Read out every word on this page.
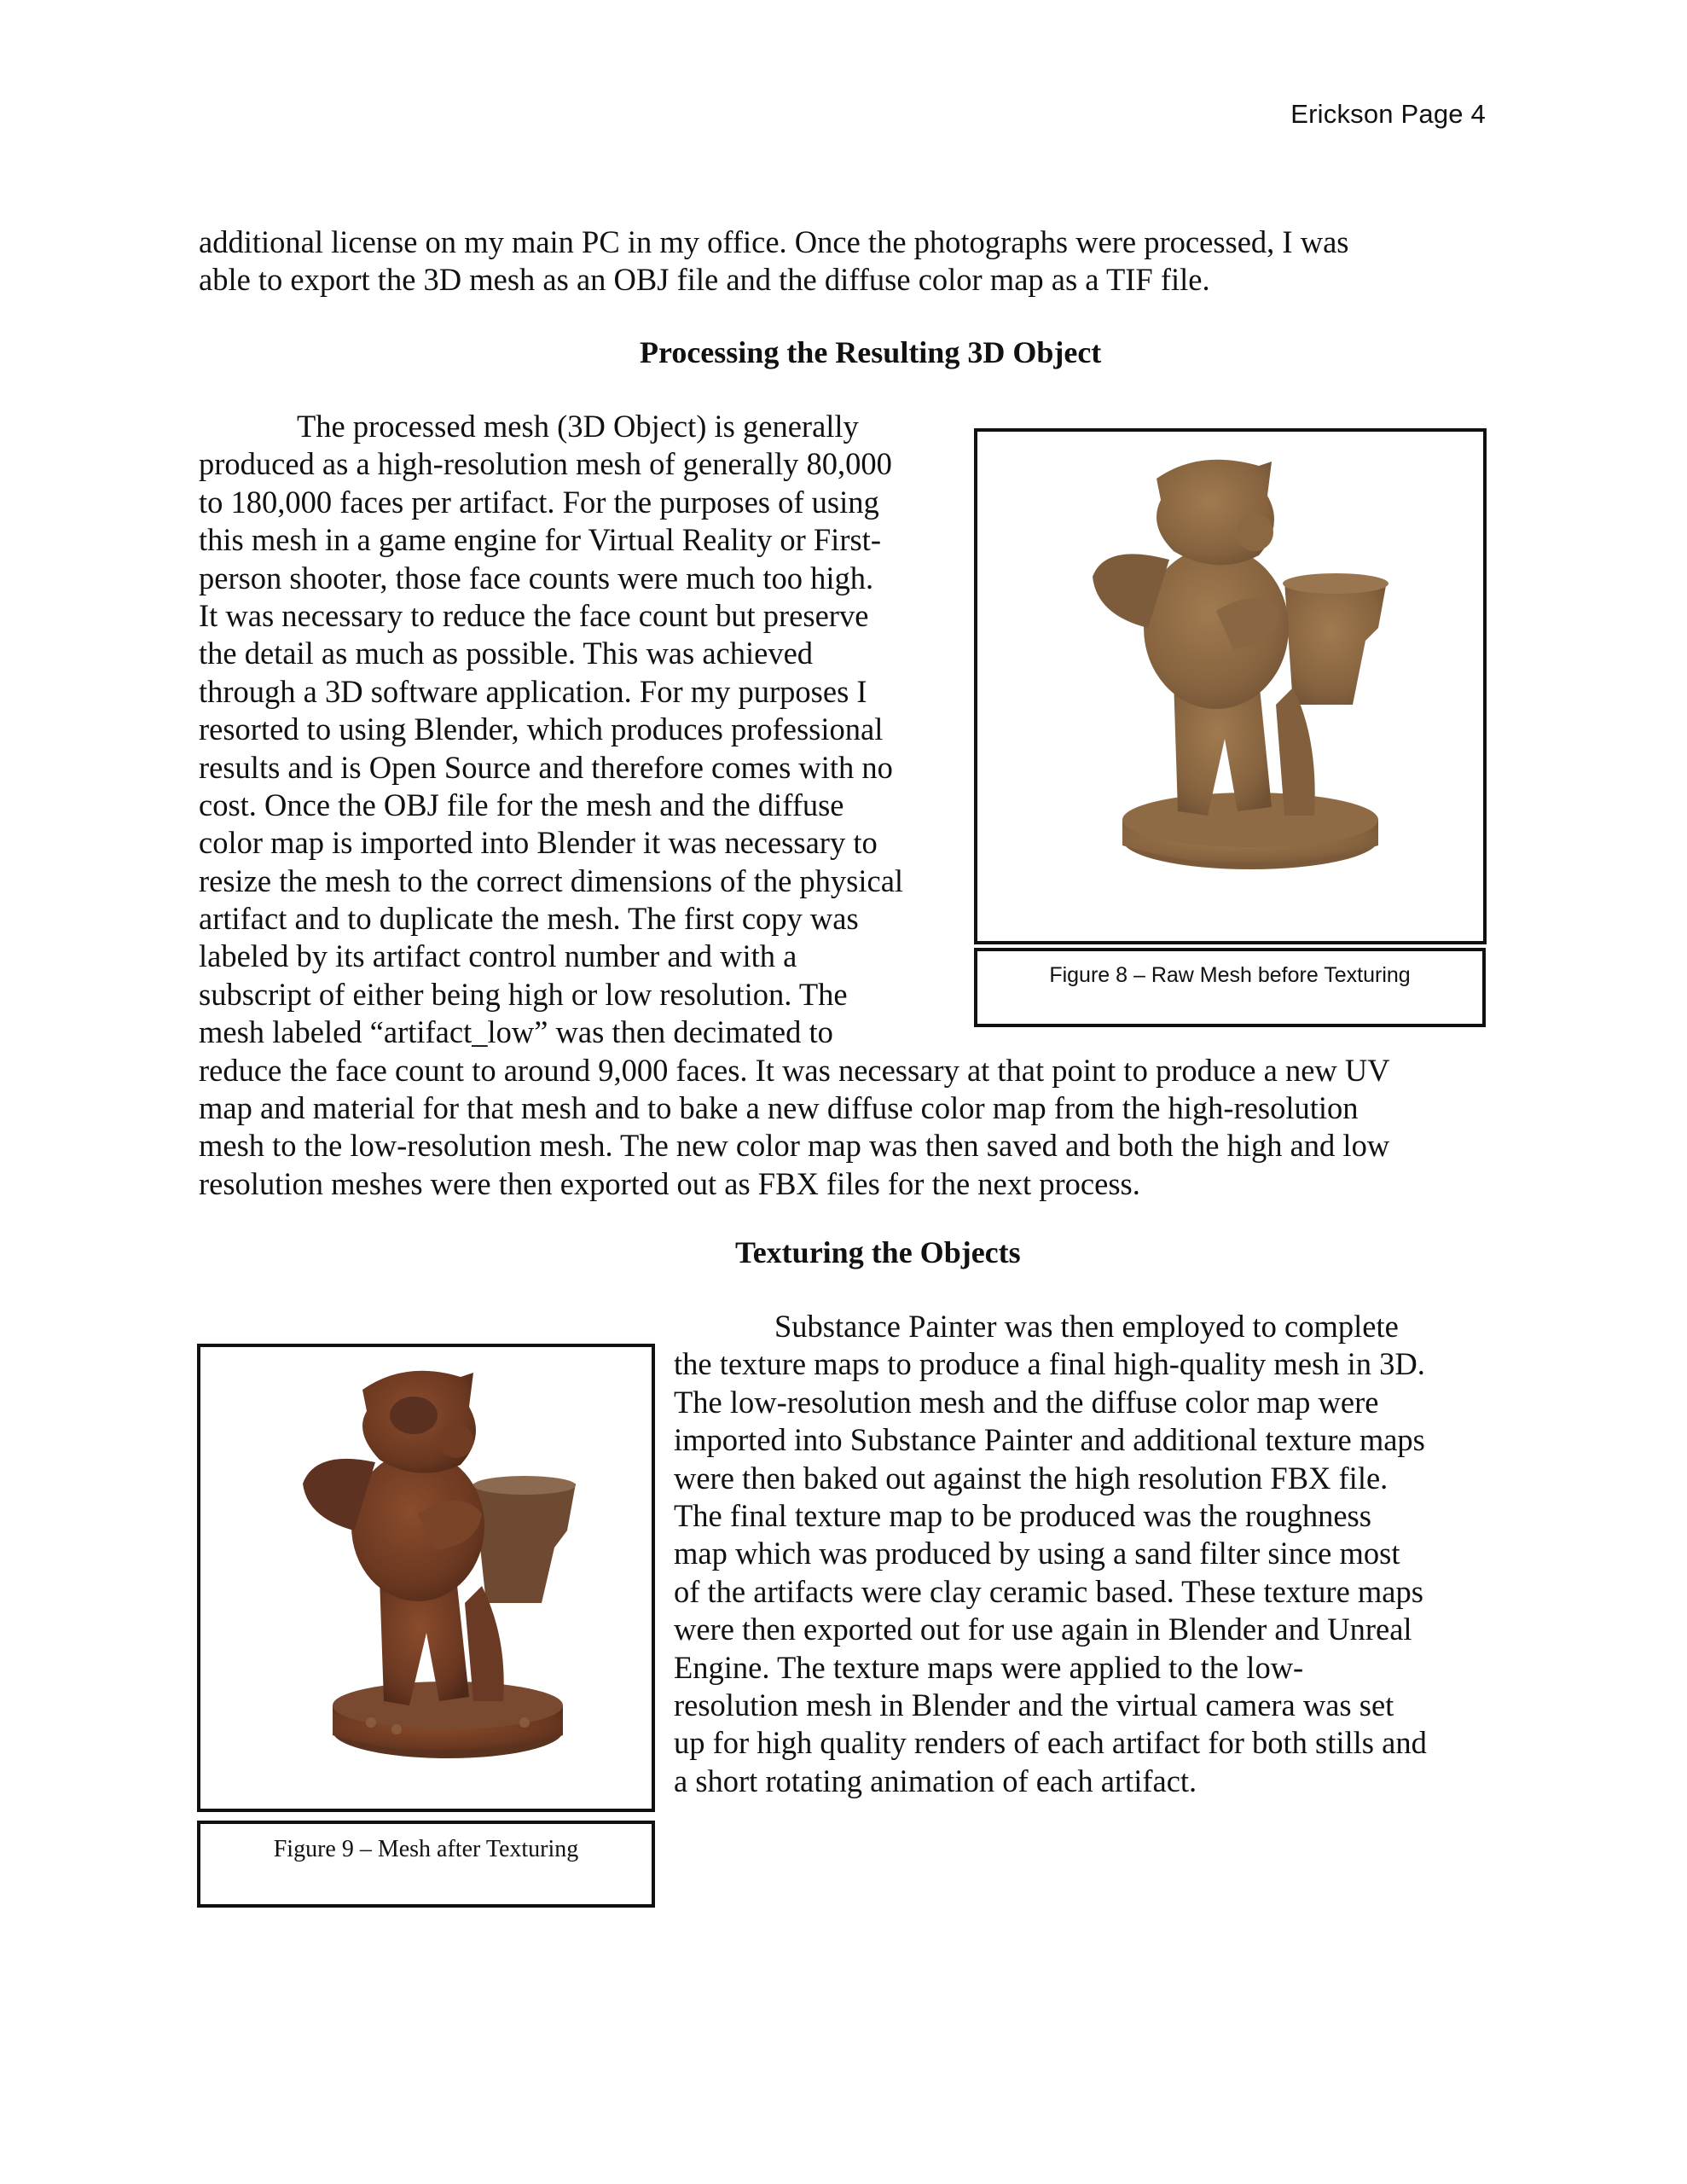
Erickson Page 4
additional license on my main PC in my office. Once the photographs were processed, I was
able to export the 3D mesh as an OBJ file and the diffuse color map as a TIF file.
Processing the Resulting 3D Object
The processed mesh (3D Object) is generally
produced as a high-resolution mesh of generally 80,000
to 180,000 faces per artifact. For the purposes of using
this mesh in a game engine for Virtual Reality or First-
person shooter, those face counts were much too high.
It was necessary to reduce the face count but preserve
the detail as much as possible. This was achieved
through a 3D software application. For my purposes I
resorted to using Blender, which produces professional
results and is Open Source and therefore comes with no
cost. Once the OBJ file for the mesh and the diffuse
color map is imported into Blender it was necessary to
resize the mesh to the correct dimensions of the physical
artifact and to duplicate the mesh. The first copy was
labeled by its artifact control number and with a
subscript of either being high or low resolution. The
mesh labeled “artifact_low” was then decimated to
reduce the face count to around 9,000 faces. It was necessary at that point to produce a new UV
map and material for that mesh and to bake a new diffuse color map from the high-resolution
mesh to the low-resolution mesh. The new color map was then saved and both the high and low
resolution meshes were then exported out as FBX files for the next process.
Figure 8 – Raw Mesh before Texturing
Texturing the Objects
Figure 9 – Mesh after Texturing
Substance Painter was then employed to complete
the texture maps to produce a final high-quality mesh in 3D.
The low-resolution mesh and the diffuse color map were
imported into Substance Painter and additional texture maps
were then baked out against the high resolution FBX file.
The final texture map to be produced was the roughness
map which was produced by using a sand filter since most
of the artifacts were clay ceramic based. These texture maps
were then exported out for use again in Blender and Unreal
Engine. The texture maps were applied to the low-
resolution mesh in Blender and the virtual camera was set
up for high quality renders of each artifact for both stills and
a short rotating animation of each artifact.
